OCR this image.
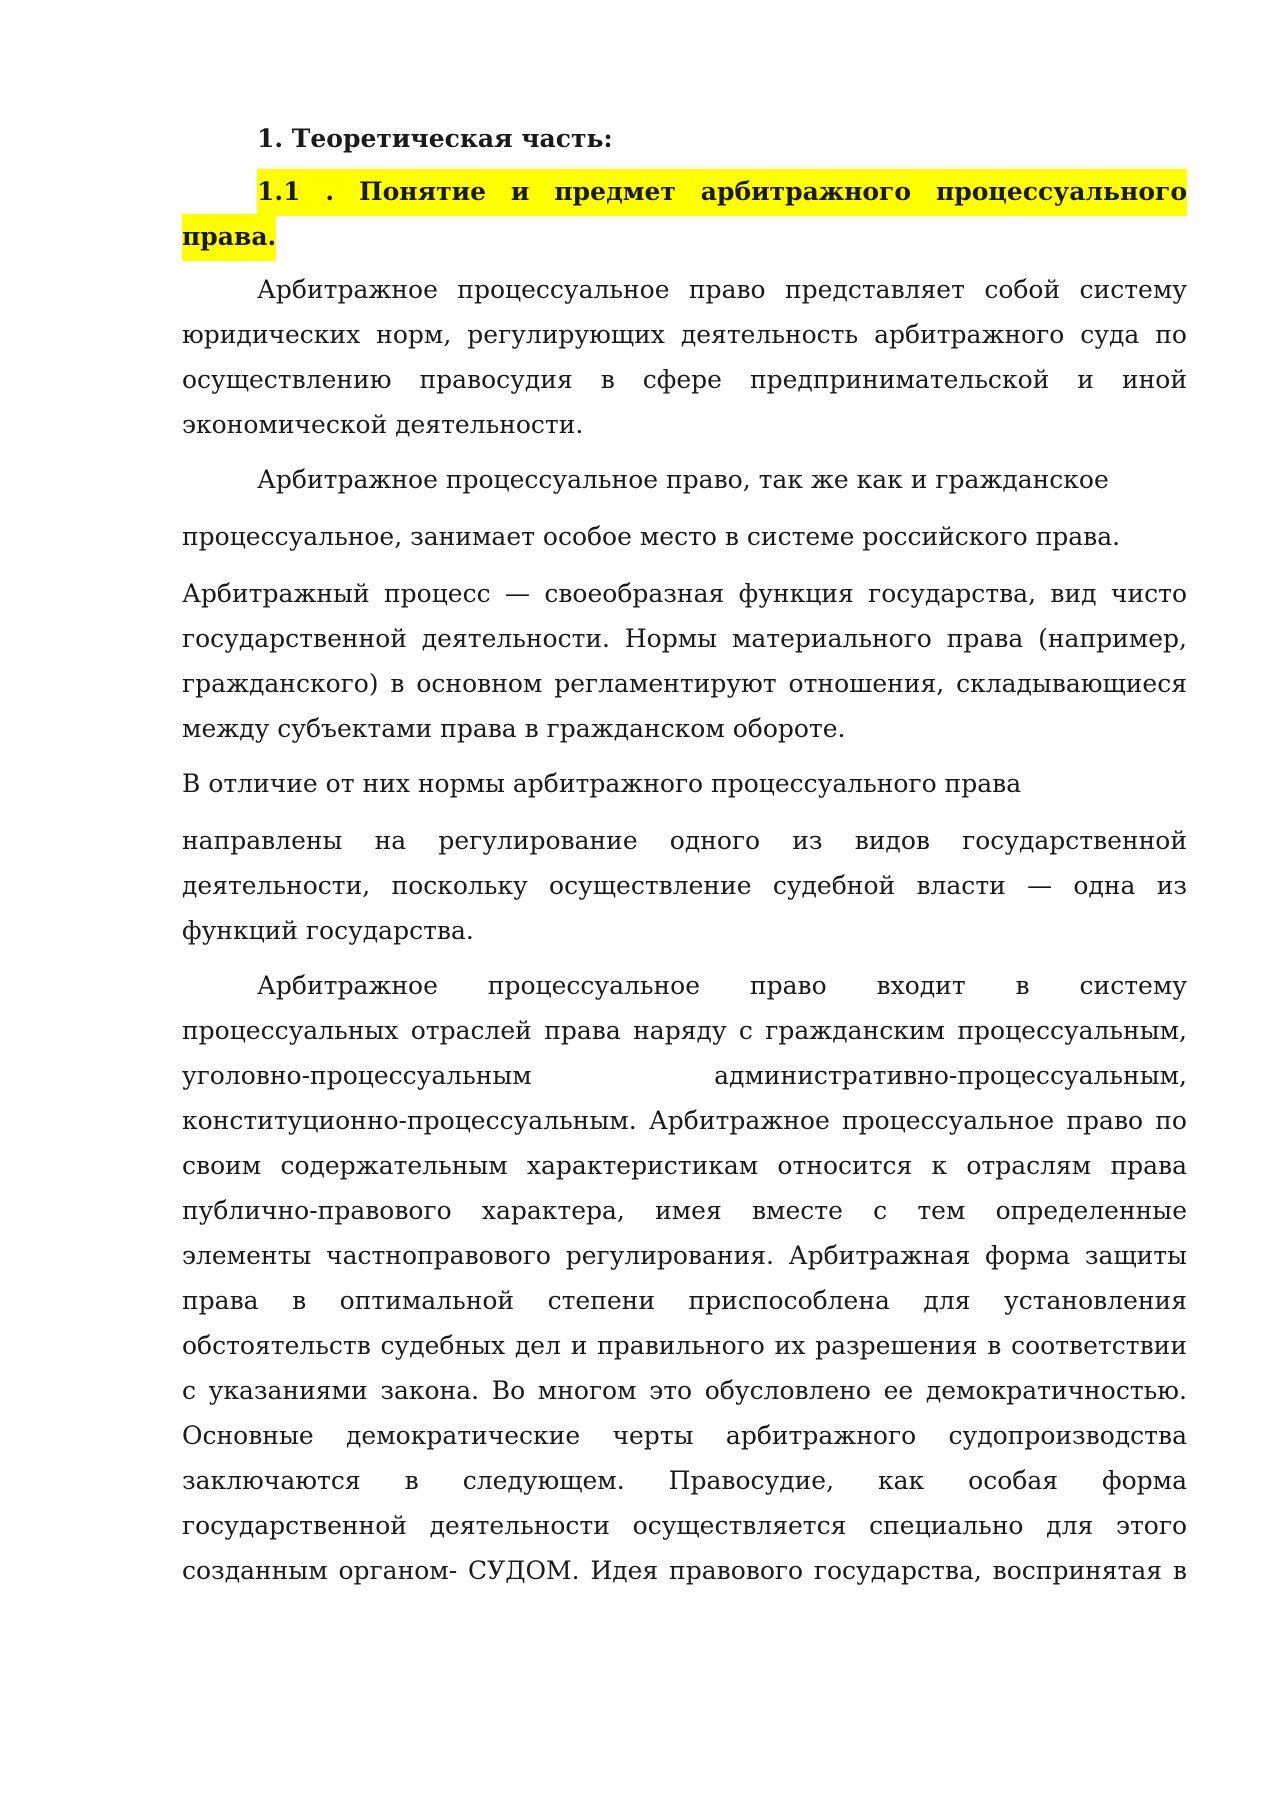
1. Теоретическая часть:

1.1 . Понятие и предмет арбитражного процессуального права.

Арбитражное процессуальное право представляет собой систему юридических норм, регулирующих деятельность арбитражного суда по осуществлению правосудия в сфере предпринимательской и иной экономической деятельности.

Арбитражное процессуальное право, так же как и гражданское

процессуальное, занимает особое место в системе российского права.

Арбитражный процесс — своеобразная функция государства, вид чисто государственной деятельности. Нормы материального права (например, гражданского) в основном регламентируют отношения, складывающиеся между субъектами права в гражданском обороте.

В отличие от них нормы арбитражного процессуального права

направлены на регулирование одного из видов государственной деятельности, поскольку осуществление судебной власти — одна из функций государства.

Арбитражное процессуальное право входит в систему процессуальных отраслей права наряду с гражданским процессуальным, уголовно-процессуальным административно-процессуальным, конституционно-процессуальным. Арбитражное процессуальное право по своим содержательным характеристикам относится к отраслям права публично-правового характера, имея вместе с тем определенные элементы частноправового регулирования. Арбитражная форма защиты права в оптимальной степени приспособлена для установления обстоятельств судебных дел и правильного их разрешения в соответствии с указаниями закона. Во многом это обусловлено ее демократичностью. Основные демократические черты арбитражного судопроизводства заключаются в следующем. Правосудие, как особая форма государственной деятельности осуществляется специально для этого созданным органом- СУДОМ. Идея правового государства, воспринятая в
